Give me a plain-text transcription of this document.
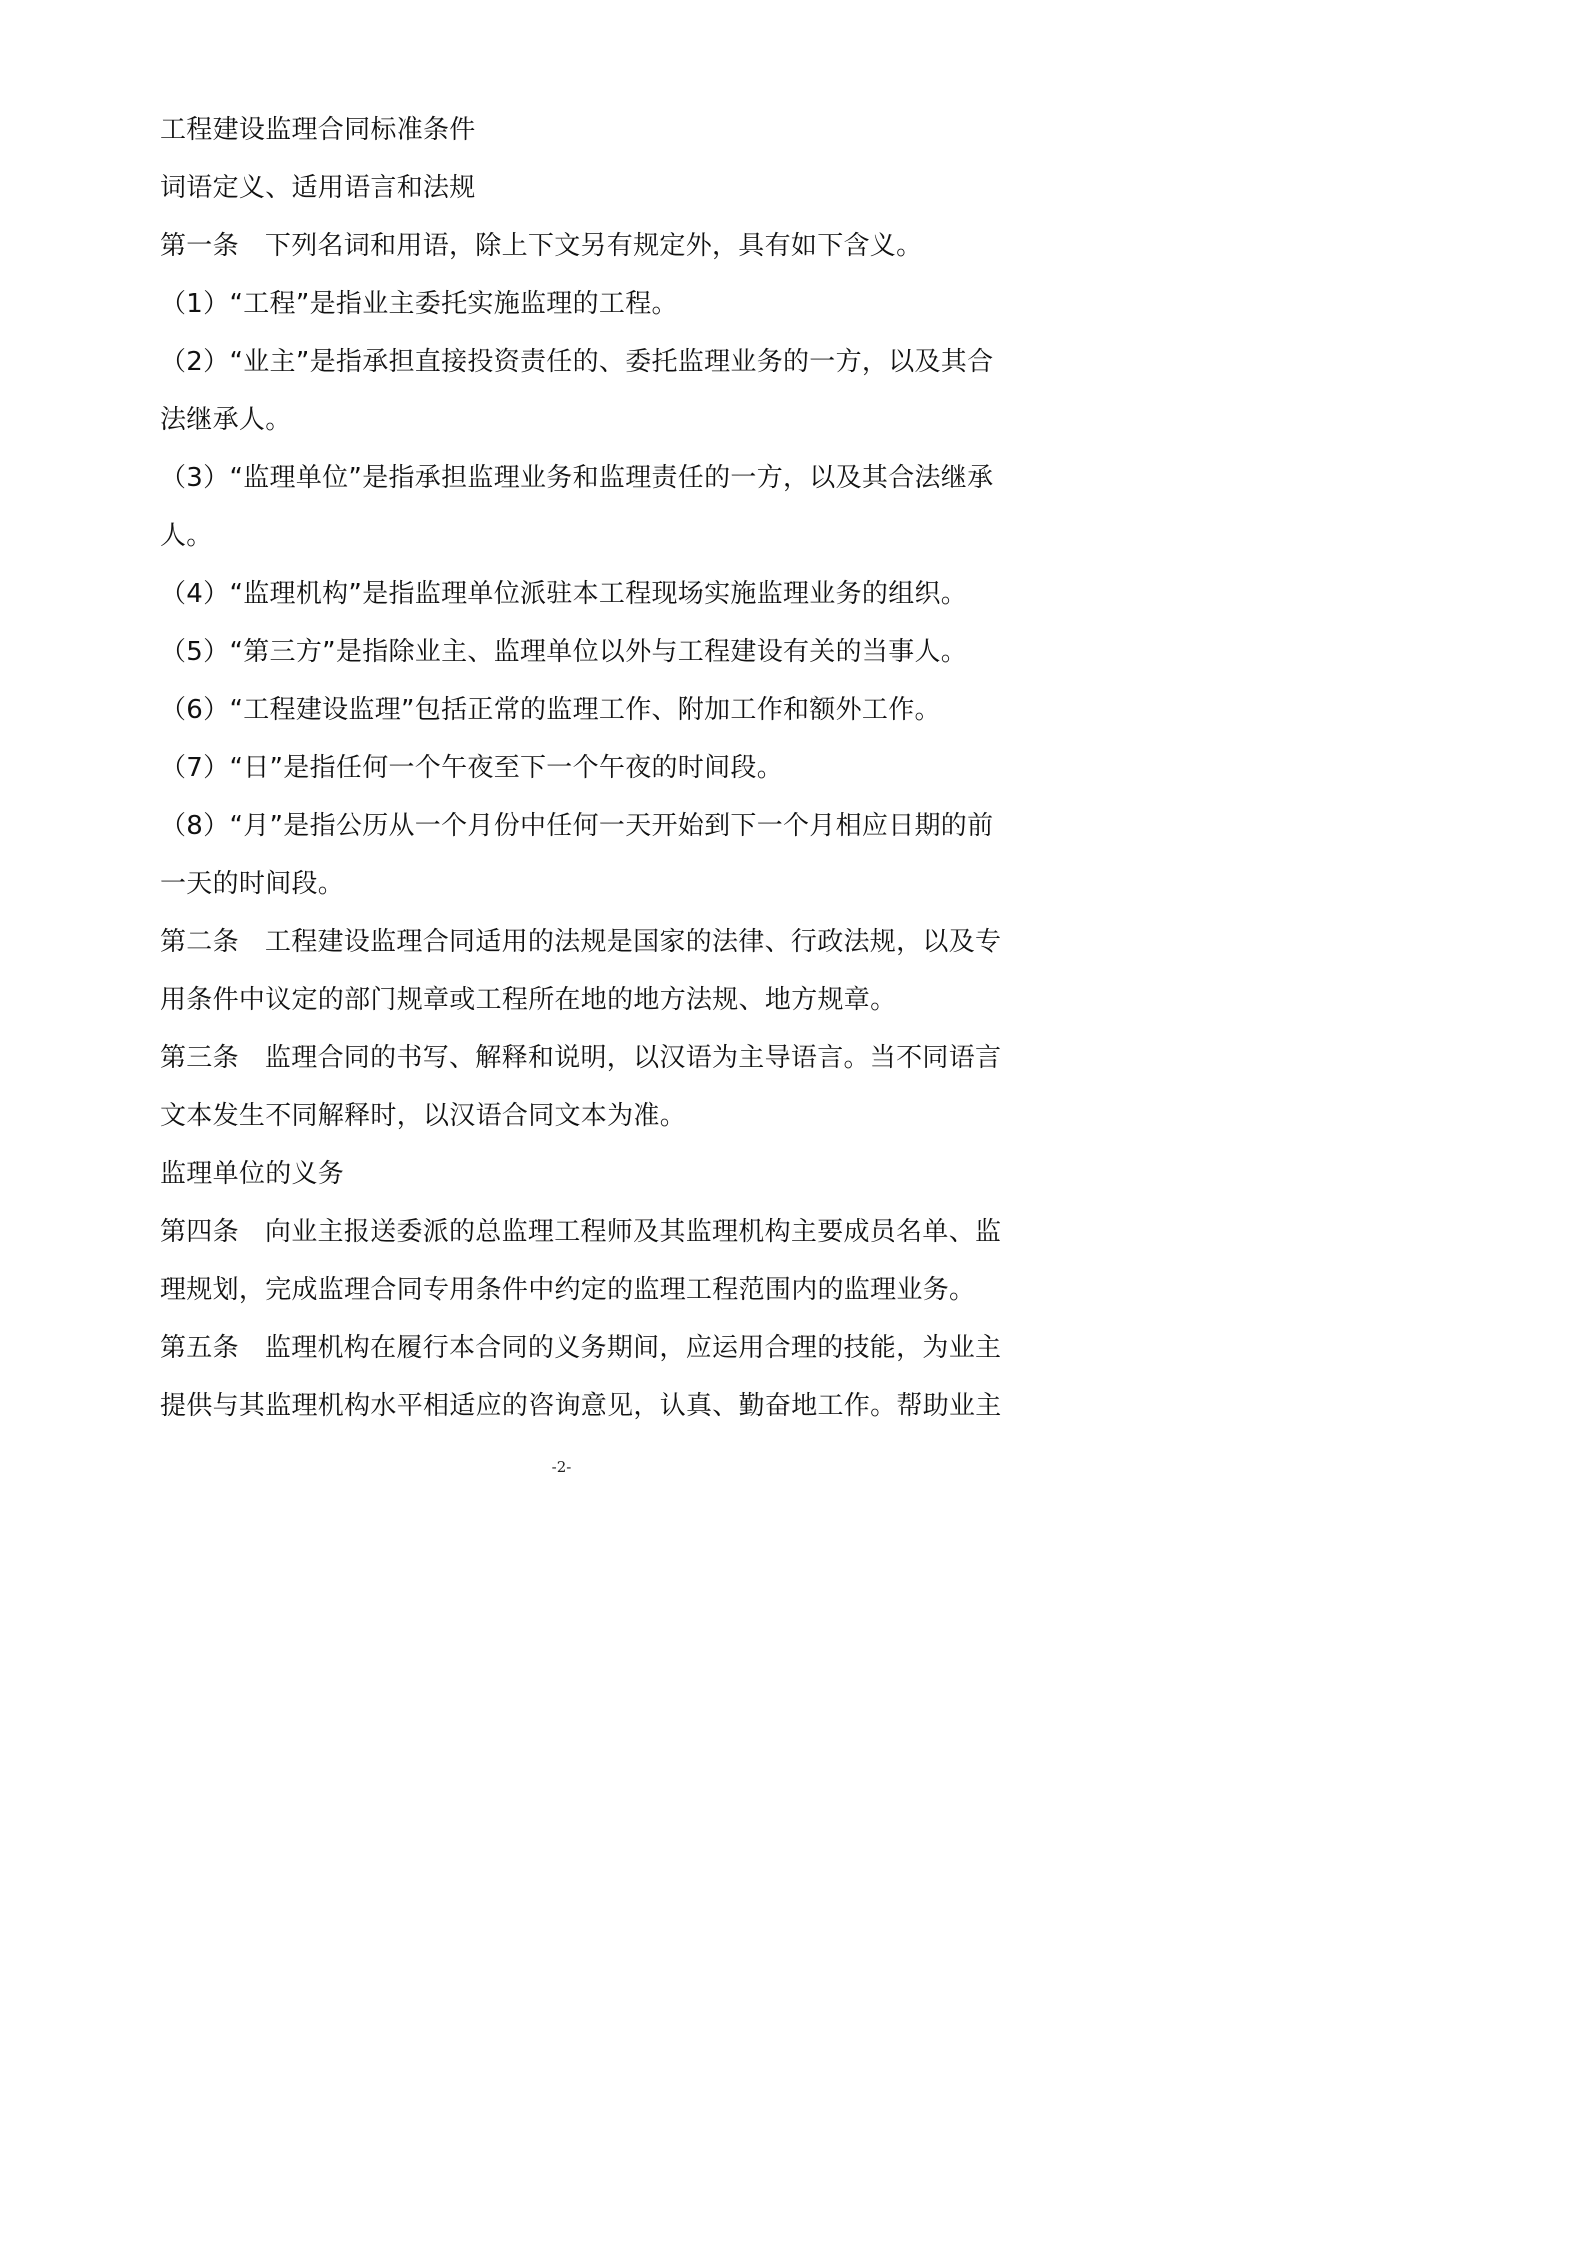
工程建设监理合同标准条件
词语定义、适用语言和法规
第一条 下列名词和用语，除上下文另有规定外，具有如下含义。
（1）“工程”是指业主委托实施监理的工程。
（2）“业主”是指承担直接投资责任的、委托监理业务的一方，以及其合
法继承人。
（3）“监理单位”是指承担监理业务和监理责任的一方，以及其合法继承
人。
（4）“监理机构”是指监理单位派驻本工程现场实施监理业务的组织。
（5）“第三方”是指除业主、监理单位以外与工程建设有关的当事人。
（6）“工程建设监理”包括正常的监理工作、附加工作和额外工作。
（7）“日”是指任何一个午夜至下一个午夜的时间段。
（8）“月”是指公历从一个月份中任何一天开始到下一个月相应日期的前
一天的时间段。
第二条 工程建设监理合同适用的法规是国家的法律、行政法规，以及专
用条件中议定的部门规章或工程所在地的地方法规、地方规章。
第三条 监理合同的书写、解释和说明，以汉语为主导语言。当不同语言
文本发生不同解释时，以汉语合同文本为准。
监理单位的义务
第四条 向业主报送委派的总监理工程师及其监理机构主要成员名单、监
理规划，完成监理合同专用条件中约定的监理工程范围内的监理业务。
第五条 监理机构在履行本合同的义务期间，应运用合理的技能，为业主
提供与其监理机构水平相适应的咨询意见，认真、勤奋地工作。帮助业主
-2-
